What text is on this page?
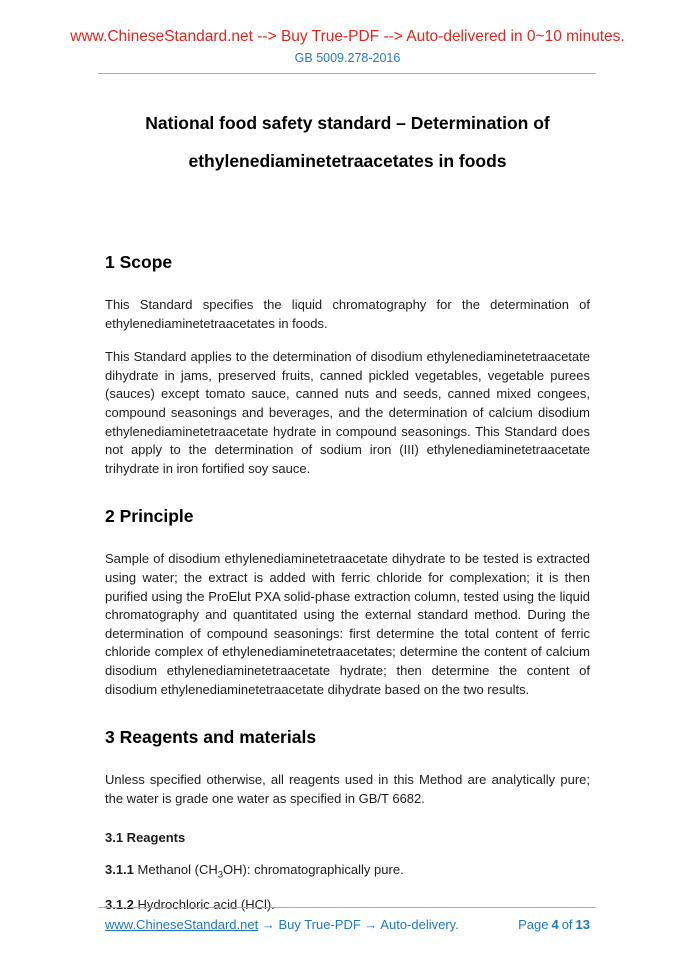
www.ChineseStandard.net --> Buy True-PDF --> Auto-delivered in 0~10 minutes.
GB 5009.278-2016
National food safety standard – Determination of
ethylenediaminetetraacetates in foods
1 Scope

This Standard specifies the liquid chromatography for the determination of ethylenediaminetetraacetates in foods.

This Standard applies to the determination of disodium ethylenediaminetetraacetate dihydrate in jams, preserved fruits, canned pickled vegetables, vegetable purees (sauces) except tomato sauce, canned nuts and seeds, canned mixed congees, compound seasonings and beverages, and the determination of calcium disodium ethylenediaminetetraacetate hydrate in compound seasonings. This Standard does not apply to the determination of sodium iron (III) ethylenediaminetetraacetate trihydrate in iron fortified soy sauce.

2 Principle

Sample of disodium ethylenediaminetetraacetate dihydrate to be tested is extracted using water; the extract is added with ferric chloride for complexation; it is then purified using the ProElut PXA solid-phase extraction column, tested using the liquid chromatography and quantitated using the external standard method. During the determination of compound seasonings: first determine the total content of ferric chloride complex of ethylenediaminetetraacetates; determine the content of calcium disodium ethylenediaminetetraacetate hydrate; then determine the content of disodium ethylenediaminetetraacetate dihydrate based on the two results.

3 Reagents and materials

Unless specified otherwise, all reagents used in this Method are analytically pure; the water is grade one water as specified in GB/T 6682.

3.1 Reagents

3.1.1 Methanol $(CH_3OH)$: chromatographically pure.

3.1.2 Hydrochloric acid (HCl).

www.ChineseStandard.net → Buy True-PDF → Auto-delivery.	Page 4 of 13
